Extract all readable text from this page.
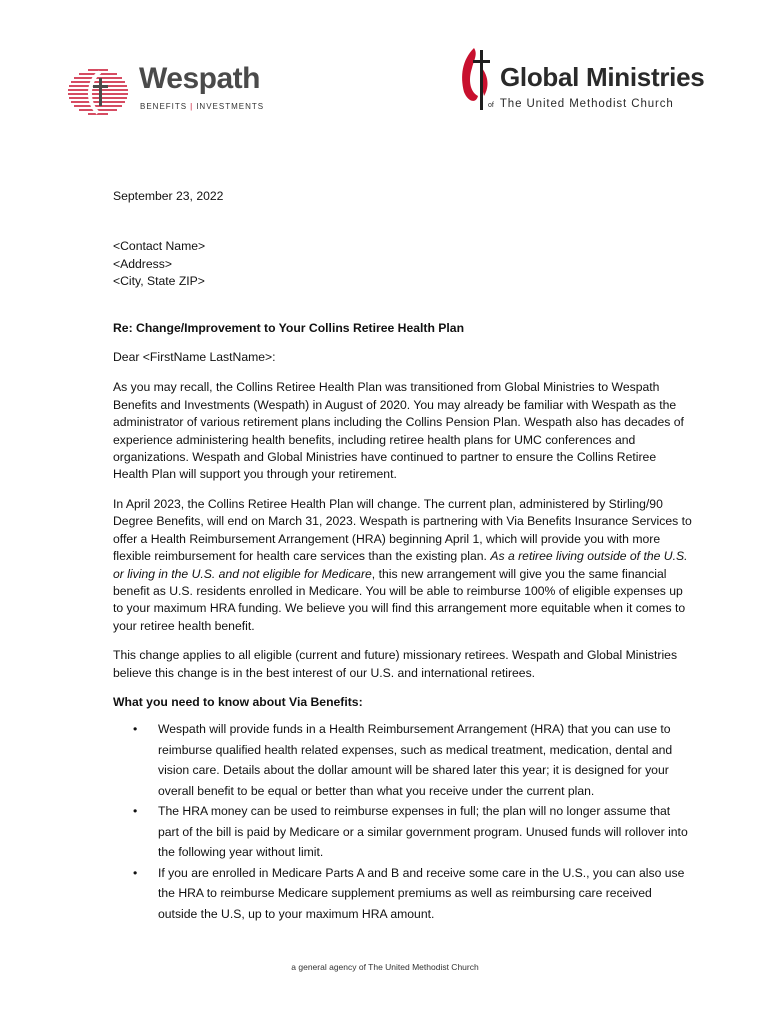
Wespath
BENEFITS | INVESTMENTS
Global Ministries
of The United Methodist Church

September 23, 2022

<Contact Name>

<Address>

<City, State ZIP>

Re: Change/Improvement to Your Collins Retiree Health Plan

Dear <FirstName LastName>:

As you may recall, the Collins Retiree Health Plan was transitioned from Global Ministries to Wespath Benefits and Investments (Wespath) in August of 2020. You may already be familiar with Wespath as the administrator of various retirement plans including the Collins Pension Plan. Wespath also has decades of experience administering health benefits, including retiree health plans for UMC conferences and organizations. Wespath and Global Ministries have continued to partner to ensure the Collins Retiree Health Plan will support you through your retirement.

In April 2023, the Collins Retiree Health Plan will change. The current plan, administered by Stirling/90 Degree Benefits, will end on March 31, 2023. Wespath is partnering with Via Benefits Insurance Services to offer a Health Reimbursement Arrangement (HRA) beginning April 1, which will provide you with more flexible reimbursement for health care services than the existing plan. As a retiree living outside of the U.S. or living in the U.S. and not eligible for Medicare, this new arrangement will give you the same financial benefit as U.S. residents enrolled in Medicare. You will be able to reimburse 100% of eligible expenses up to your maximum HRA funding. We believe you will find this arrangement more equitable when it comes to your retiree health benefit.

This change applies to all eligible (current and future) missionary retirees. Wespath and Global Ministries believe this change is in the best interest of our U.S. and international retirees.

What you need to know about Via Benefits:

• Wespath will provide funds in a Health Reimbursement Arrangement (HRA) that you can use to reimburse qualified health related expenses, such as medical treatment, medication, dental and vision care. Details about the dollar amount will be shared later this year; it is designed for your overall benefit to be equal or better than what you receive under the current plan.
• The HRA money can be used to reimburse expenses in full; the plan will no longer assume that part of the bill is paid by Medicare or a similar government program. Unused funds will rollover into the following year without limit.
• If you are enrolled in Medicare Parts A and B and receive some care in the U.S., you can also use the HRA to reimburse Medicare supplement premiums as well as reimbursing care received outside the U.S, up to your maximum HRA amount.
a general agency of The United Methodist Church
